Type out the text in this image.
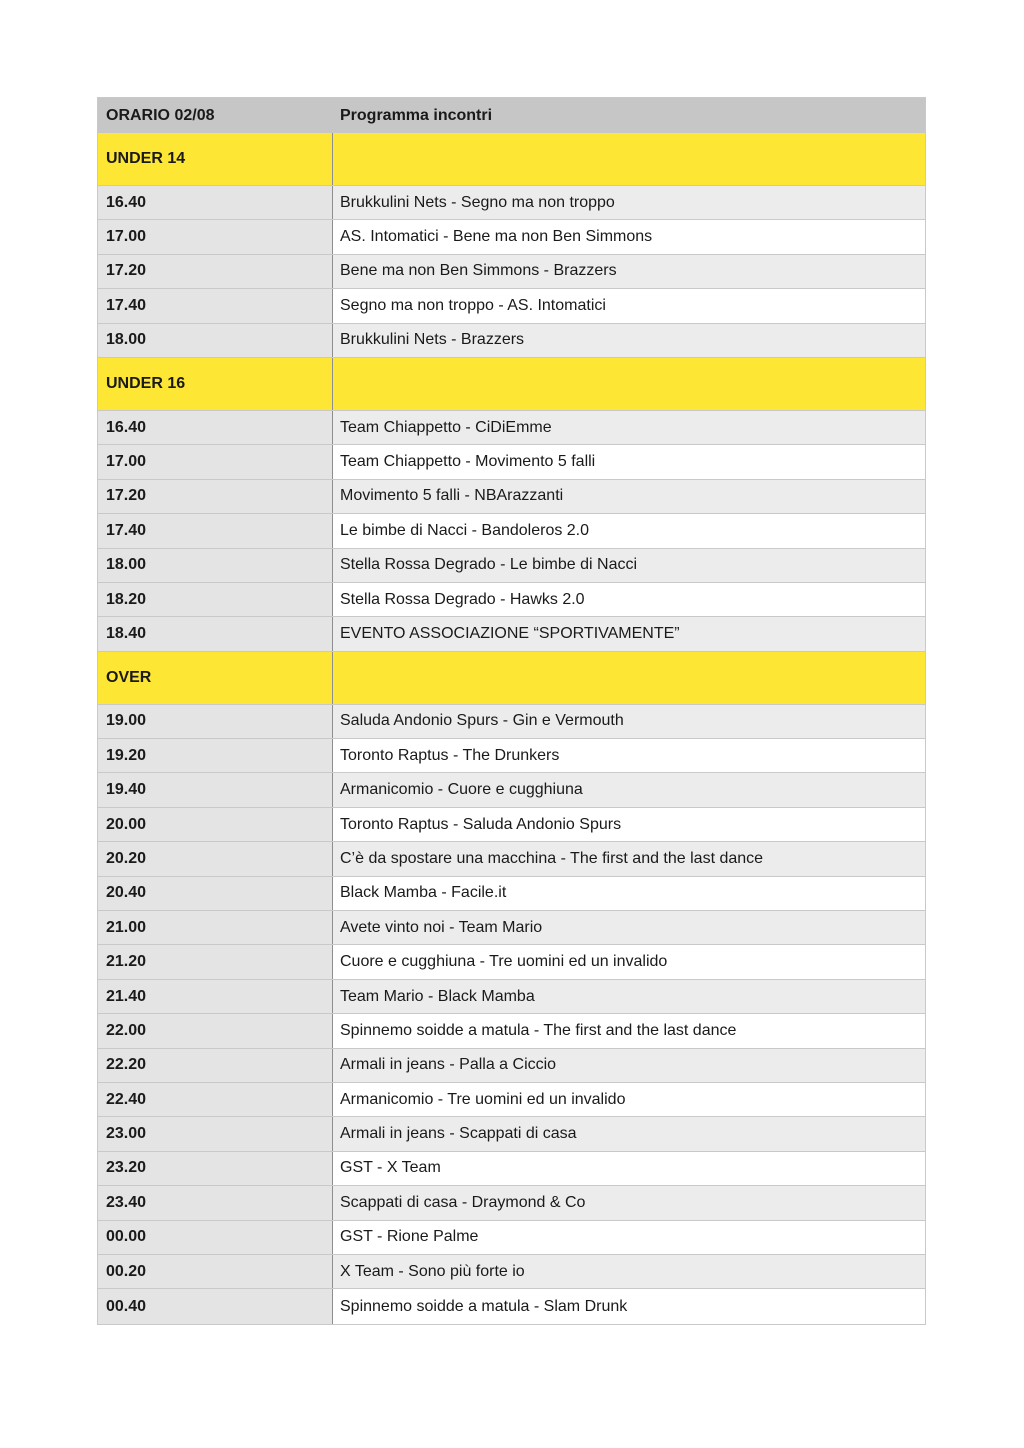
ORARIO 02/08	Programma incontri
UNDER 14
16.40	Brukkulini Nets - Segno ma non troppo
17.00	AS. Intomatici - Bene ma non Ben Simmons
17.20	Bene ma non Ben Simmons - Brazzers
17.40	Segno ma non troppo - AS. Intomatici
18.00	Brukkulini Nets - Brazzers
UNDER 16
16.40	Team Chiappetto - CiDiEmme
17.00	Team Chiappetto - Movimento 5 falli
17.20	Movimento 5 falli - NBArazzanti
17.40	Le bimbe di Nacci - Bandoleros 2.0
18.00	Stella Rossa Degrado - Le bimbe di Nacci
18.20	Stella Rossa Degrado - Hawks 2.0
18.40	EVENTO ASSOCIAZIONE “SPORTIVAMENTE”
OVER
19.00	Saluda Andonio Spurs - Gin e Vermouth
19.20	Toronto Raptus - The Drunkers
19.40	Armanicomio - Cuore e cugghiuna
20.00	Toronto Raptus - Saluda Andonio Spurs
20.20	C’è da spostare una macchina - The first and the last dance
20.40	Black Mamba - Facile.it
21.00	Avete vinto noi - Team Mario
21.20	Cuore e cugghiuna - Tre uomini ed un invalido
21.40	Team Mario - Black Mamba
22.00	Spinnemo soidde a matula - The first and the last dance
22.20	Armali in jeans - Palla a Ciccio
22.40	Armanicomio - Tre uomini ed un invalido
23.00	Armali in jeans - Scappati di casa
23.20	GST - X Team
23.40	Scappati di casa - Draymond & Co
00.00	GST - Rione Palme
00.20	X Team - Sono più forte io
00.40	Spinnemo soidde a matula - Slam Drunk
